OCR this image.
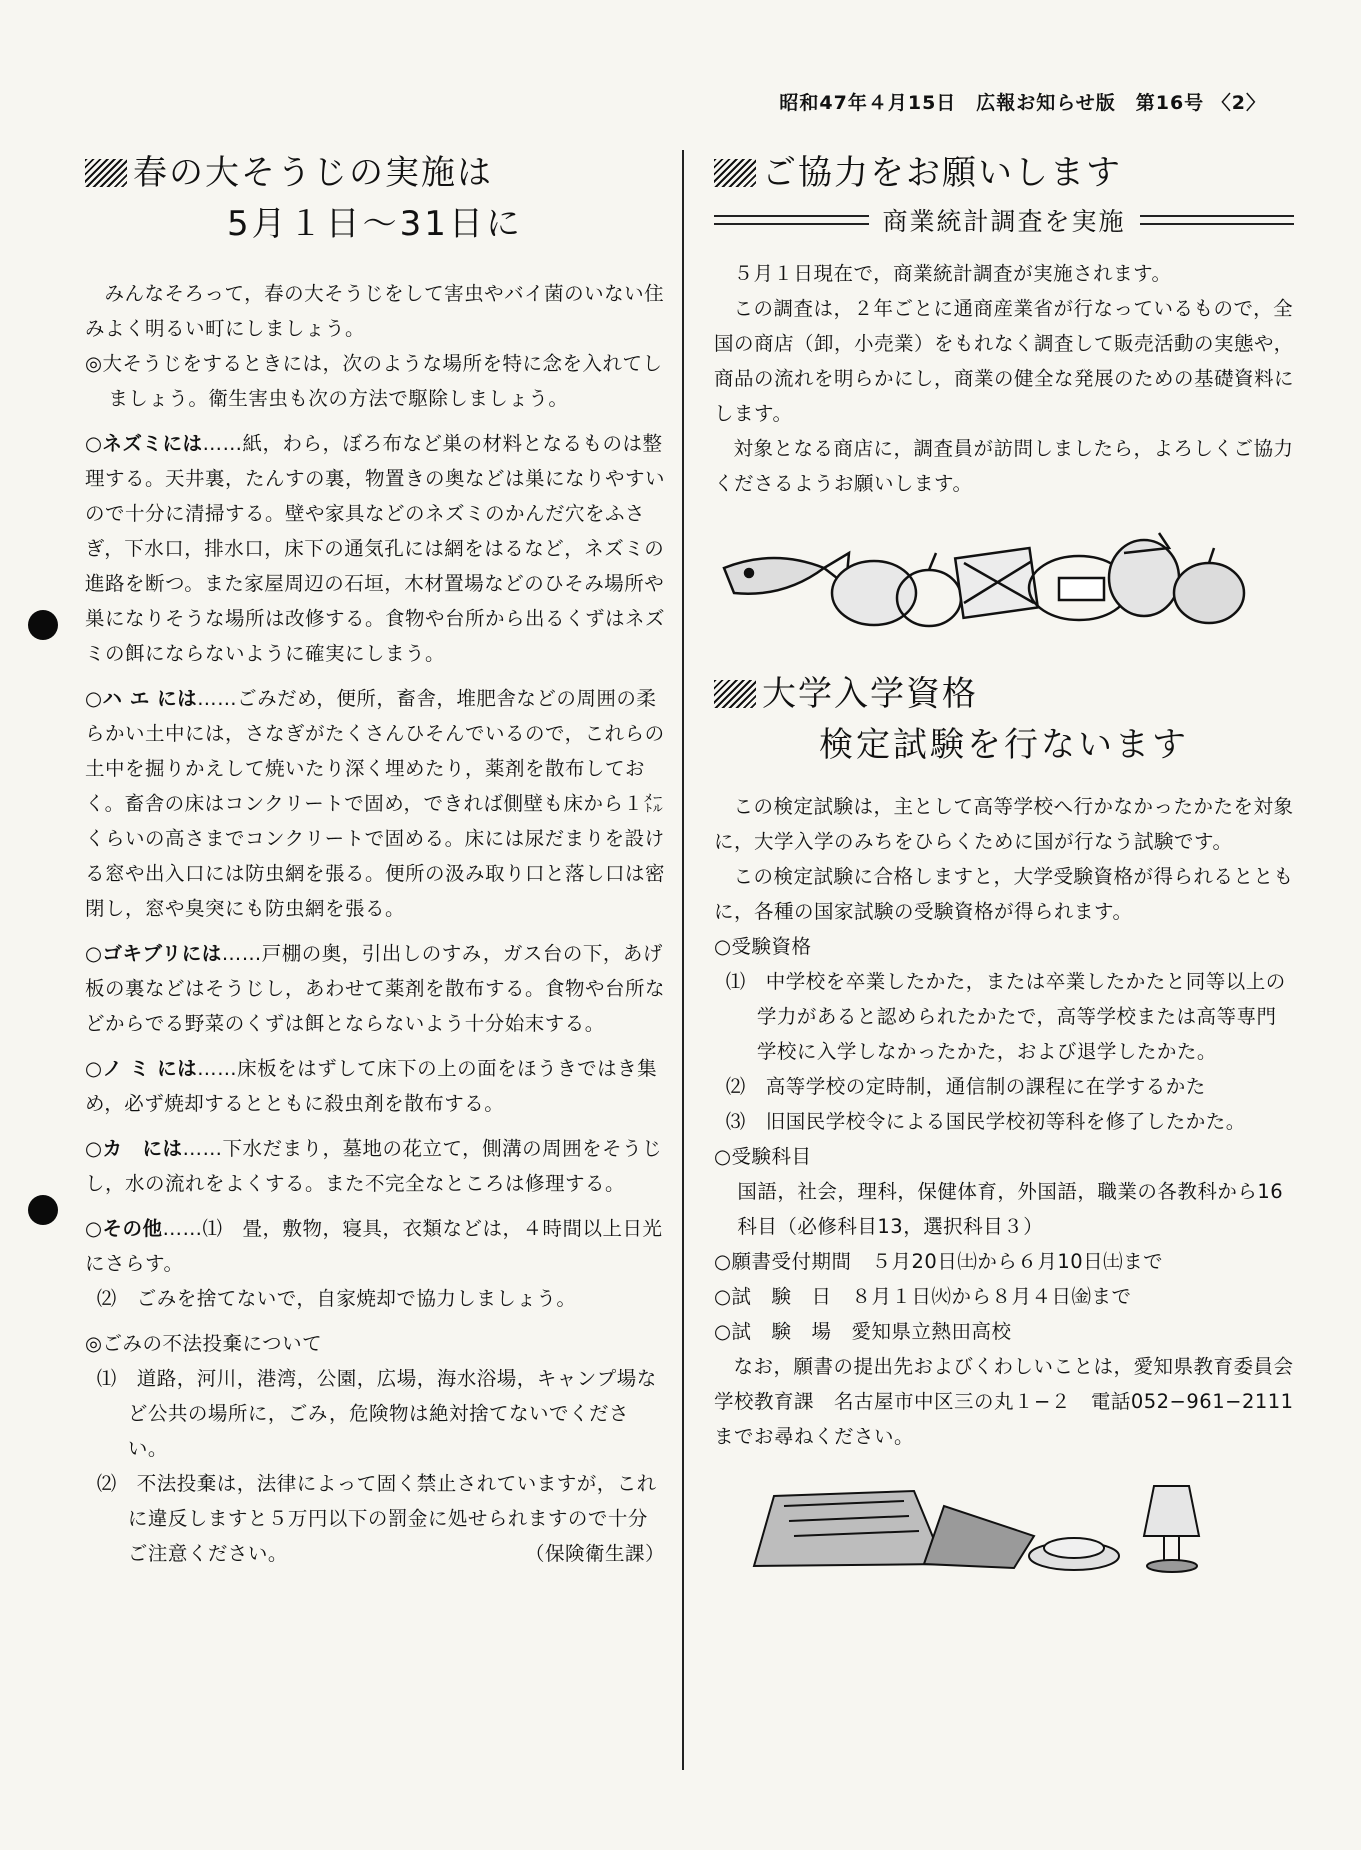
昭和47年４月15日　広報お知らせ版　第16号 〈2〉
春の大そうじの実施は
5月１日〜31日に

みんなそろって，春の大そうじをして害虫やバイ菌のいない住みよく明るい町にしましょう。

◎大そうじをするときには，次のような場所を特に念を入れてしましょう。衛生害虫も次の方法で駆除しましょう。

○ネズミには……紙，わら，ぼろ布など巣の材料となるものは整理する。天井裏，たんすの裏，物置きの奥などは巣になりやすいので十分に清掃する。壁や家具などのネズミのかんだ穴をふさぎ，下水口，排水口，床下の通気孔には網をはるなど，ネズミの進路を断つ。また家屋周辺の石垣，木材置場などのひそみ場所や巣になりそうな場所は改修する。食物や台所から出るくずはネズミの餌にならないように確実にしまう。

○ハ エ には……ごみだめ，便所，畜舎，堆肥舎などの周囲の柔らかい土中には，さなぎがたくさんひそんでいるので，これらの土中を掘りかえして焼いたり深く埋めたり，薬剤を散布しておく。畜舎の床はコンクリートで固め，できれば側壁も床から１㍍くらいの高さまでコンクリートで固める。床には尿だまりを設ける窓や出入口には防虫網を張る。便所の汲み取り口と落し口は密閉し，窓や臭突にも防虫網を張る。

○ゴキブリには……戸棚の奥，引出しのすみ，ガス台の下，あげ板の裏などはそうじし，あわせて薬剤を散布する。食物や台所などからでる野菜のくずは餌とならないよう十分始末する。

○ノ ミ には……床板をはずして床下の上の面をほうきではき集め，必ず焼却するとともに殺虫剤を散布する。

○カ　には……下水だまり，墓地の花立て，側溝の周囲をそうじし，水の流れをよくする。また不完全なところは修理する。

○その他……⑴　畳，敷物，寝具，衣類などは，４時間以上日光にさらす。

⑵　ごみを捨てないで，自家焼却で協力しましょう。

◎ごみの不法投棄について

⑴　道路，河川，港湾，公園，広場，海水浴場，キャンプ場など公共の場所に，ごみ，危険物は絶対捨てないでください。

⑵　不法投棄は，法律によって固く禁止されていますが，これに違反しますと５万円以下の罰金に処せられますので十分ご注意ください。	（保険衛生課）

ご協力をお願いします
商業統計調査を実施

５月１日現在で，商業統計調査が実施されます。

この調査は，２年ごとに通商産業省が行なっているもので，全国の商店（卸，小売業）をもれなく調査して販売活動の実態や，商品の流れを明らかにし，商業の健全な発展のための基礎資料にします。

対象となる商店に，調査員が訪問しましたら，よろしくご協力くださるようお願いします。

大学入学資格
検定試験を行ないます

この検定試験は，主として高等学校へ行かなかったかたを対象に，大学入学のみちをひらくために国が行なう試験です。

この検定試験に合格しますと，大学受験資格が得られるとともに，各種の国家試験の受験資格が得られます。

○受験資格

⑴　中学校を卒業したかた，または卒業したかたと同等以上の学力があると認められたかたで，高等学校または高等専門学校に入学しなかったかた，および退学したかた。

⑵　高等学校の定時制，通信制の課程に在学するかた

⑶　旧国民学校令による国民学校初等科を修了したかた。

○受験科目

国語，社会，理科，保健体育，外国語，職業の各教科から16科目（必修科目13，選択科目３）

○願書受付期間　５月20日㈯から６月10日㈯まで

○試　験　日　８月１日㈫から８月４日㈮まで

○試　験　場　愛知県立熱田高校

なお，願書の提出先およびくわしいことは，愛知県教育委員会学校教育課　名古屋市中区三の丸１−２　電話052−961−2111までお尋ねください。
